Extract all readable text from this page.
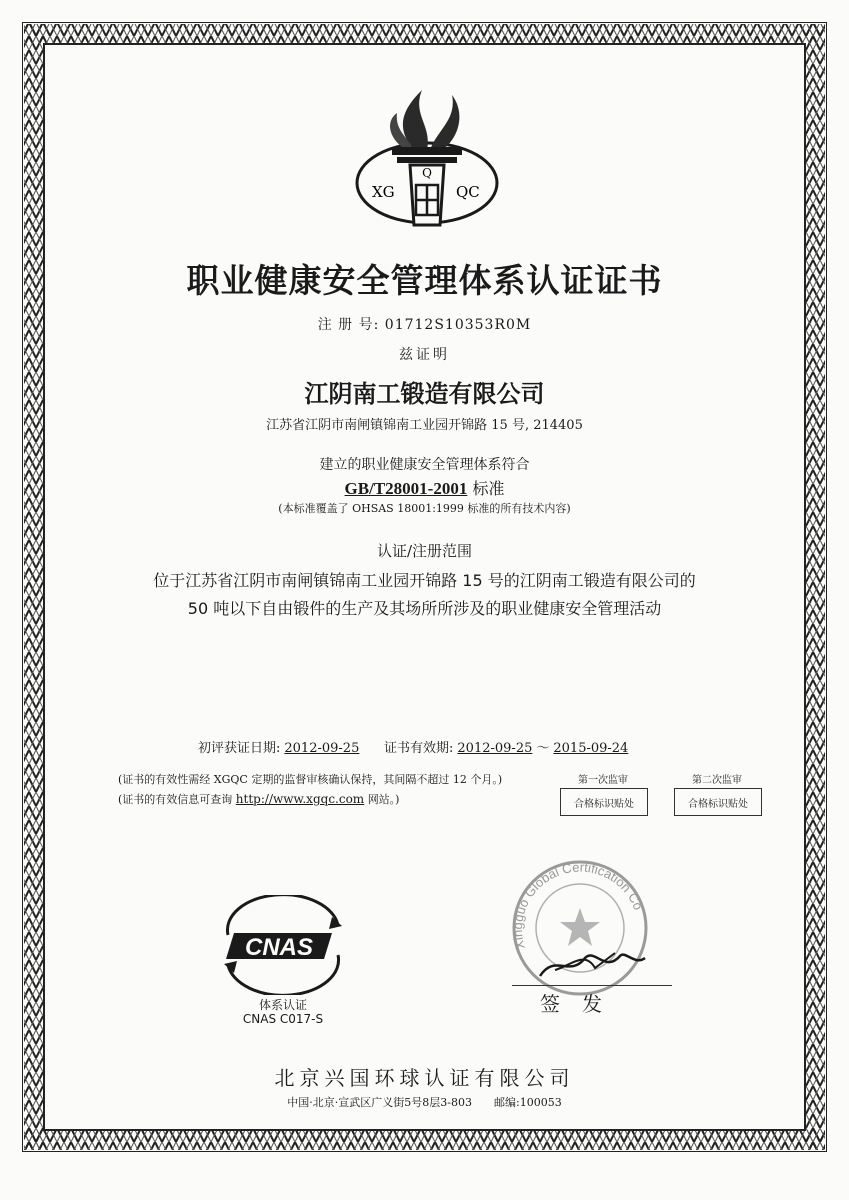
Q
XG	QC
职业健康安全管理体系认证证书
注 册 号: 01712S10353R0M
兹证明
江阴南工锻造有限公司
江苏省江阴市南闸镇锦南工业园开锦路 15 号, 214405
建立的职业健康安全管理体系符合
GB/T28001-2001 标准
(本标准覆盖了 OHSAS 18001:1999 标准的所有技术内容)
认证/注册范围
位于江苏省江阴市南闸镇锦南工业园开锦路 15 号的江阴南工锻造有限公司的
50 吨以下自由锻件的生产及其场所所涉及的职业健康安全管理活动
初评获证日期: 2012-09-25 证书有效期: 2012-09-25 ～ 2015-09-24
(证书的有效性需经 XGQC 定期的监督审核确认保持，其间隔不超过 12 个月。)
(证书的有效信息可查询 http://www.xgqc.com 网站。)
第一次监审
合格标识贴处
第二次监审
合格标识贴处
CNAS
体系认证
CNAS C017-S
Xingguo Global Certification Co
签发
北京兴国环球认证有限公司
中国·北京·宣武区广义街5号8层3-803　　邮编:100053
